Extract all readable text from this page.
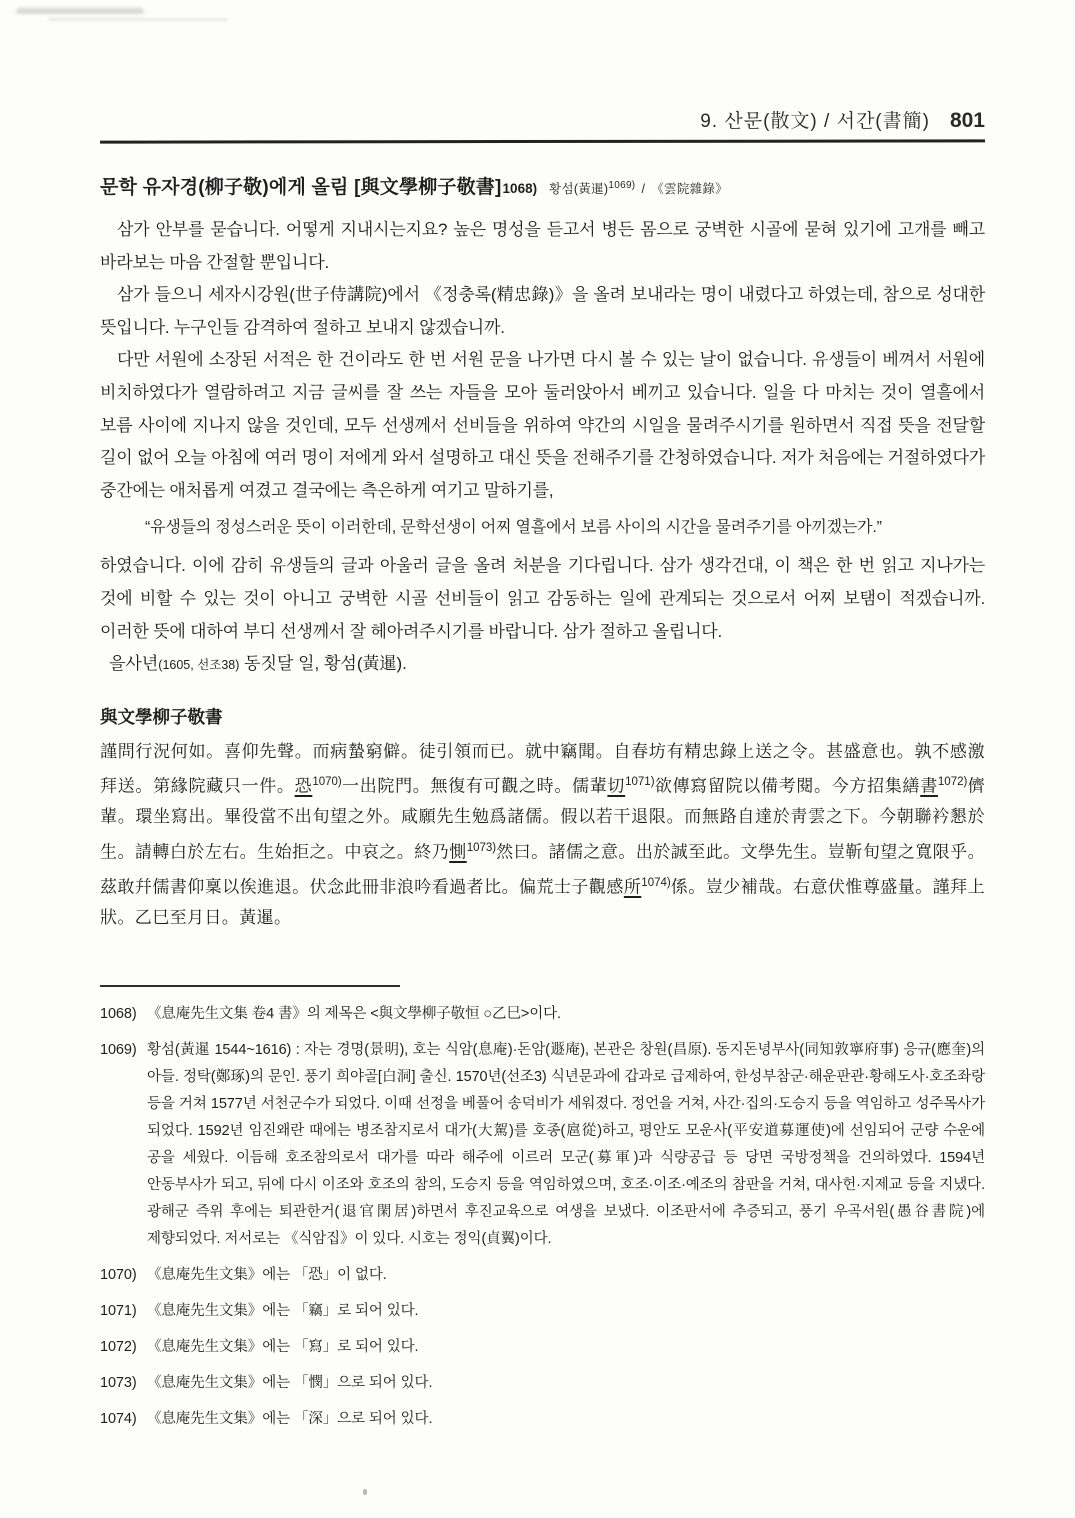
9. 산문(散文) / 서간(書簡) 801
문학 유자경(柳子敬)에게 올림 [與文學柳子敬書] 1068) 황섬(黃暹)$^{1069)}$ / 《雲院雜錄》

삼가 안부를 묻습니다. 어떻게 지내시는지요? 높은 명성을 듣고서 병든 몸으로 궁벽한 시골에 묻혀 있기에 고개를 빼고 바라보는 마음 간절할 뿐입니다.

삼가 들으니 세자시강원(世子侍講院)에서 《정충록(精忠錄)》을 올려 보내라는 명이 내렸다고 하였는데, 참으로 성대한 뜻입니다. 누구인들 감격하여 절하고 보내지 않겠습니까.

다만 서원에 소장된 서적은 한 건이라도 한 번 서원 문을 나가면 다시 볼 수 있는 날이 없습니다. 유생들이 베껴서 서원에 비치하였다가 열람하려고 지금 글씨를 잘 쓰는 자들을 모아 둘러앉아서 베끼고 있습니다. 일을 다 마치는 것이 열흘에서 보름 사이에 지나지 않을 것인데, 모두 선생께서 선비들을 위하여 약간의 시일을 물려주시기를 원하면서 직접 뜻을 전달할 길이 없어 오늘 아침에 여러 명이 저에게 와서 설명하고 대신 뜻을 전해주기를 간청하였습니다. 저가 처음에는 거절하였다가 중간에는 애처롭게 여겼고 결국에는 측은하게 여기고 말하기를,

“유생들의 정성스러운 뜻이 이러한데, 문학선생이 어찌 열흘에서 보름 사이의 시간을 물려주기를 아끼겠는가.”

하였습니다. 이에 감히 유생들의 글과 아울러 글을 올려 처분을 기다립니다. 삼가 생각건대, 이 책은 한 번 읽고 지나가는 것에 비할 수 있는 것이 아니고 궁벽한 시골 선비들이 읽고 감동하는 일에 관계되는 것으로서 어찌 보탬이 적겠습니까. 이러한 뜻에 대하여 부디 선생께서 잘 헤아려주시기를 바랍니다. 삼가 절하고 올립니다.

을사년(1605, 선조38) 동짓달 일, 황섬(黃暹).

與文學柳子敬書

謹問行況何如。喜仰先聲。而病蟄窮僻。徒引領而已。就中竊聞。自春坊有精忠錄上送之令。甚盛意也。孰不感激拜送。第緣院藏只一件。恐$^{1070)}$一出院門。無復有可觀之時。儒輩切$^{1071)}$欲傳寫留院以備考閱。今方招集繕書$^{1072)}$儕輩。環坐寫出。畢役當不出旬望之外。咸願先生勉爲諸儒。假以若干退限。而無路自達於靑雲之下。今朝聯衿懇於生。請轉白於左右。生始拒之。中哀之。終乃惻$^{1073)}$然曰。諸儒之意。出於誠至此。文學先生。豈靳旬望之寬限乎。茲敢幷儒書仰稟以俟進退。伏念此冊非浪吟看過者比。偏荒士子觀感所$^{1074)}$係。豈少補哉。右意伏惟尊盛量。謹拜上狀。乙巳至月日。黃暹。

1068) 《息庵先生文集 卷4 書》의 제목은 <與文學柳子敬恒 ○乙巳>이다.

1069) 황섬(黃暹 1544~1616) : 자는 경명(景明), 호는 식암(息庵)·돈암(遯庵), 본관은 창원(昌原). 동지돈녕부사(同知敦寧府事) 응규(應奎)의 아들. 정탁(鄭琢)의 문인. 풍기 희야골[白洞] 출신. 1570년(선조3) 식년문과에 갑과로 급제하여, 한성부참군·해운판관·황해도사·호조좌랑 등을 거쳐 1577년 서천군수가 되었다. 이때 선정을 베풀어 송덕비가 세워졌다. 정언을 거쳐, 사간·집의·도승지 등을 역임하고 성주목사가 되었다. 1592년 임진왜란 때에는 병조참지로서 대가(大駕)를 호종(扈從)하고, 평안도 모운사(平安道募運使)에 선임되어 군량 수운에 공을 세웠다. 이듬해 호조참의로서 대가를 따라 해주에 이르러 모군(募軍)과 식량공급 등 당면 국방정책을 건의하였다. 1594년 안동부사가 되고, 뒤에 다시 이조와 호조의 참의, 도승지 등을 역임하였으며, 호조·이조·예조의 참판을 거쳐, 대사헌·지제교 등을 지냈다. 광해군 즉위 후에는 퇴관한거(退官閑居)하면서 후진교육으로 여생을 보냈다. 이조판서에 추증되고, 풍기 우곡서원(愚谷書院)에 제향되었다. 저서로는 《식암집》이 있다. 시호는 정익(貞翼)이다.

1070) 《息庵先生文集》에는 「恐」이 없다.

1071) 《息庵先生文集》에는 「竊」로 되어 있다.

1072) 《息庵先生文集》에는 「寫」로 되어 있다.

1073) 《息庵先生文集》에는 「憫」으로 되어 있다.

1074) 《息庵先生文集》에는 「深」으로 되어 있다.
